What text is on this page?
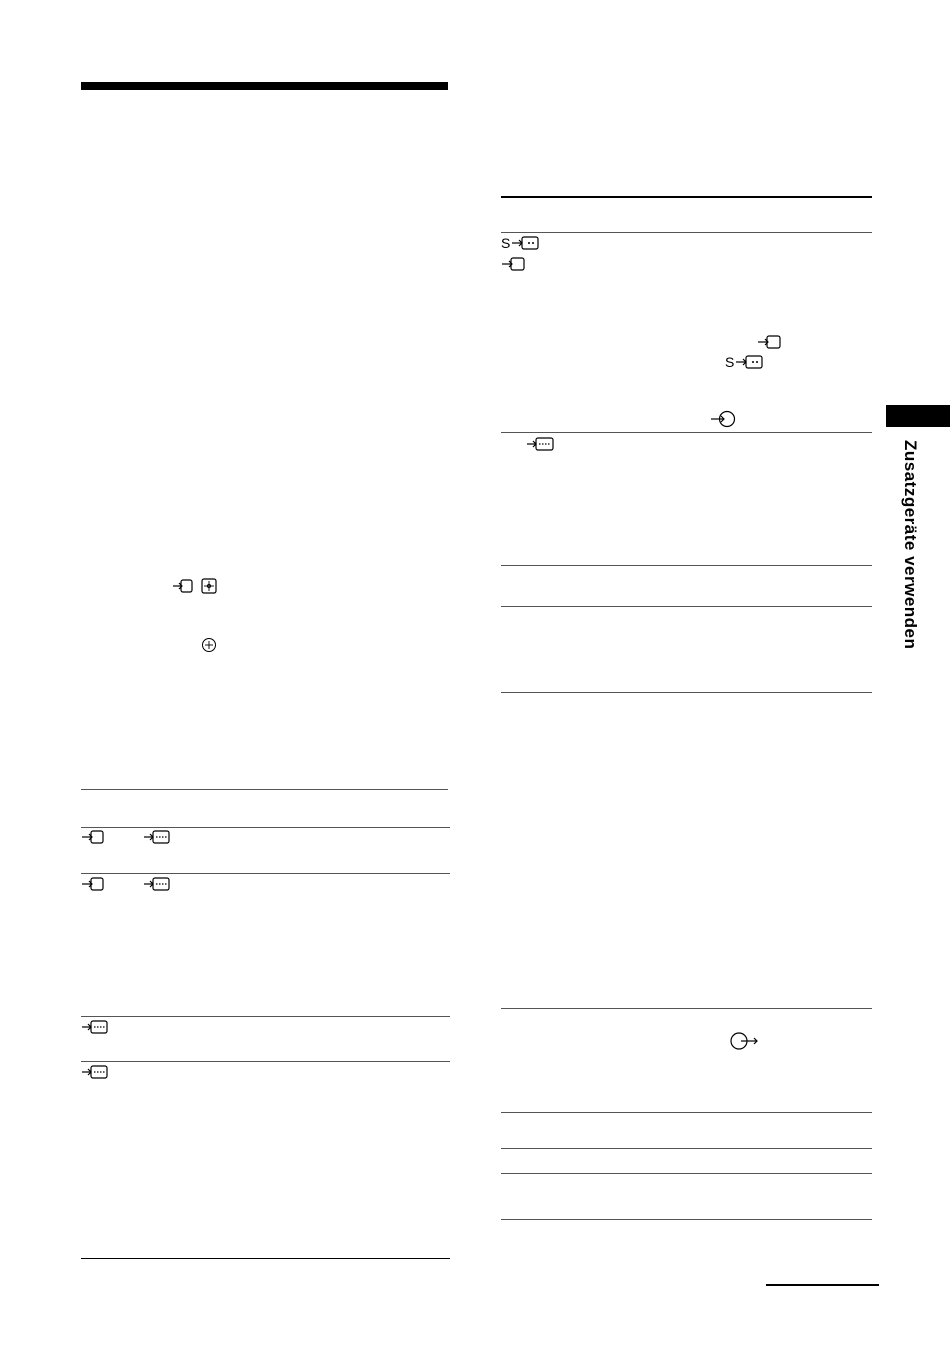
S
S
Zusatzgeräte verwenden
